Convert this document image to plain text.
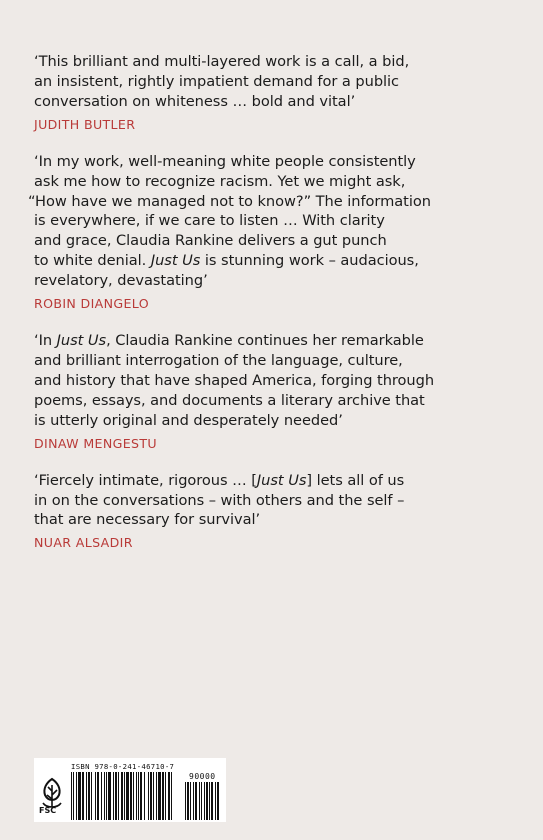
‘This brilliant and multi-layered work is a call, a bid,
an insistent, rightly impatient demand for a public
conversation on whiteness … bold and vital’

JUDITH BUTLER

‘In my work, well-meaning white people consistently
ask me how to recognize racism. Yet we might ask,
“How have we managed not to know?” The information
is everywhere, if we care to listen … With clarity
and grace, Claudia Rankine delivers a gut punch
to white denial. Just Us is stunning work – audacious,
revelatory, devastating’

ROBIN DIANGELO

‘In Just Us, Claudia Rankine continues her remarkable
and brilliant interrogation of the language, culture,
and history that have shaped America, forging through
poems, essays, and documents a literary archive that
is utterly original and desperately needed’

DINAW MENGESTU

‘Fiercely intimate, rigorous … [Just Us] lets all of us
in on the conversations – with others and the self –
that are necessary for survival’

NUAR ALSADIR
ISBN 978-0-241-46710-7
FSC
90000
